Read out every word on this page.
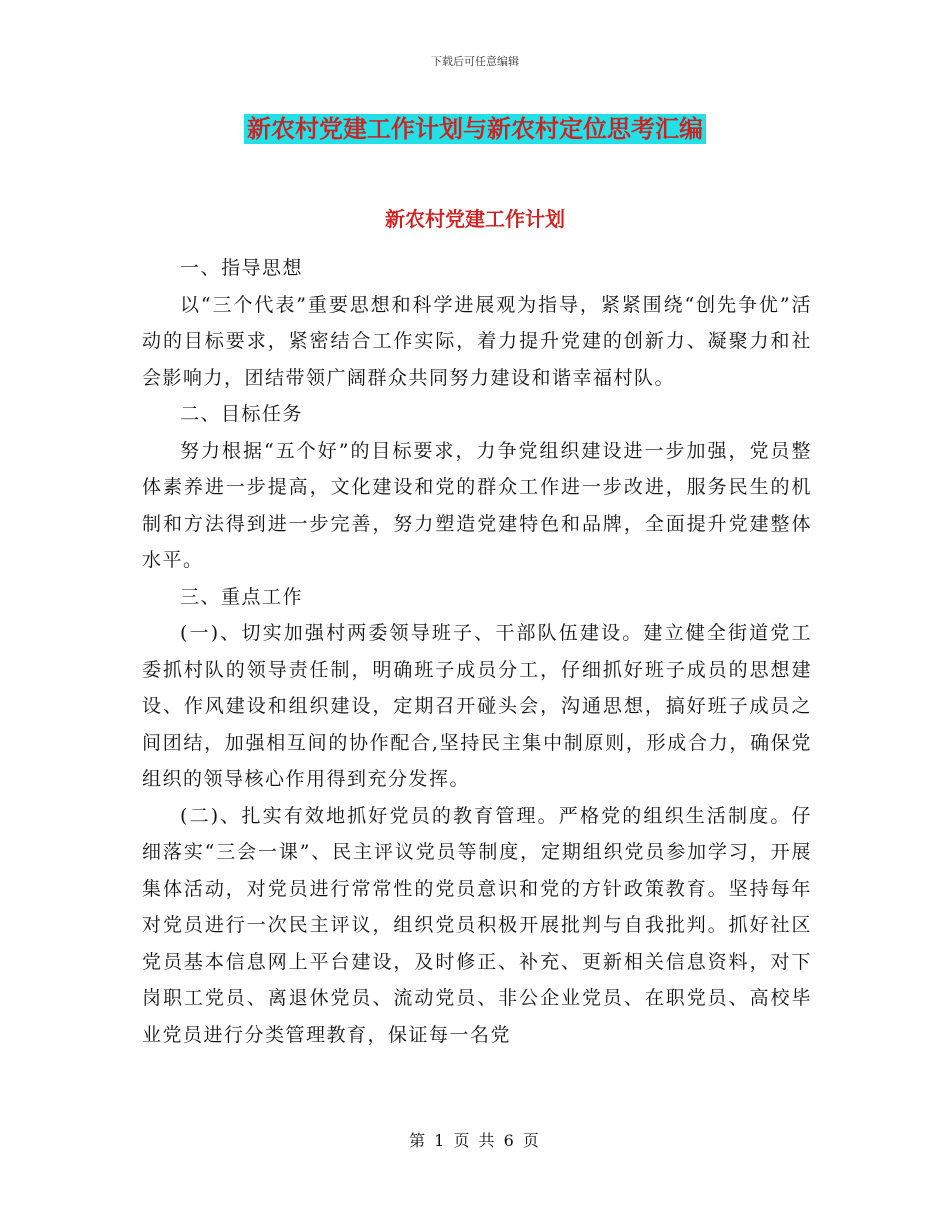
下载后可任意编辑
新农村党建工作计划与新农村定位思考汇编
新农村党建工作计划

一、指导思想

以“三个代表”重要思想和科学进展观为指导，紧紧围绕“创先争优”活动的目标要求，紧密结合工作实际，着力提升党建的创新力、凝聚力和社会影响力，团结带领广阔群众共同努力建设和谐幸福村队。

二、目标任务

努力根据“五个好”的目标要求，力争党组织建设进一步加强，党员整体素养进一步提高，文化建设和党的群众工作进一步改进，服务民生的机制和方法得到进一步完善，努力塑造党建特色和品牌，全面提升党建整体水平。

三、重点工作

(一)、切实加强村两委领导班子、干部队伍建设。建立健全街道党工委抓村队的领导责任制，明确班子成员分工，仔细抓好班子成员的思想建设、作风建设和组织建设，定期召开碰头会，沟通思想，搞好班子成员之间团结，加强相互间的协作配合,坚持民主集中制原则，形成合力，确保党组织的领导核心作用得到充分发挥。

(二)、扎实有效地抓好党员的教育管理。严格党的组织生活制度。仔细落实“三会一课”、民主评议党员等制度，定期组织党员参加学习，开展集体活动，对党员进行常常性的党员意识和党的方针政策教育。坚持每年对党员进行一次民主评议，组织党员积极开展批判与自我批判。抓好社区党员基本信息网上平台建设，及时修正、补充、更新相关信息资料，对下岗职工党员、离退休党员、流动党员、非公企业党员、在职党员、高校毕业党员进行分类管理教育，保证每一名党

第 1 页 共 6 页
